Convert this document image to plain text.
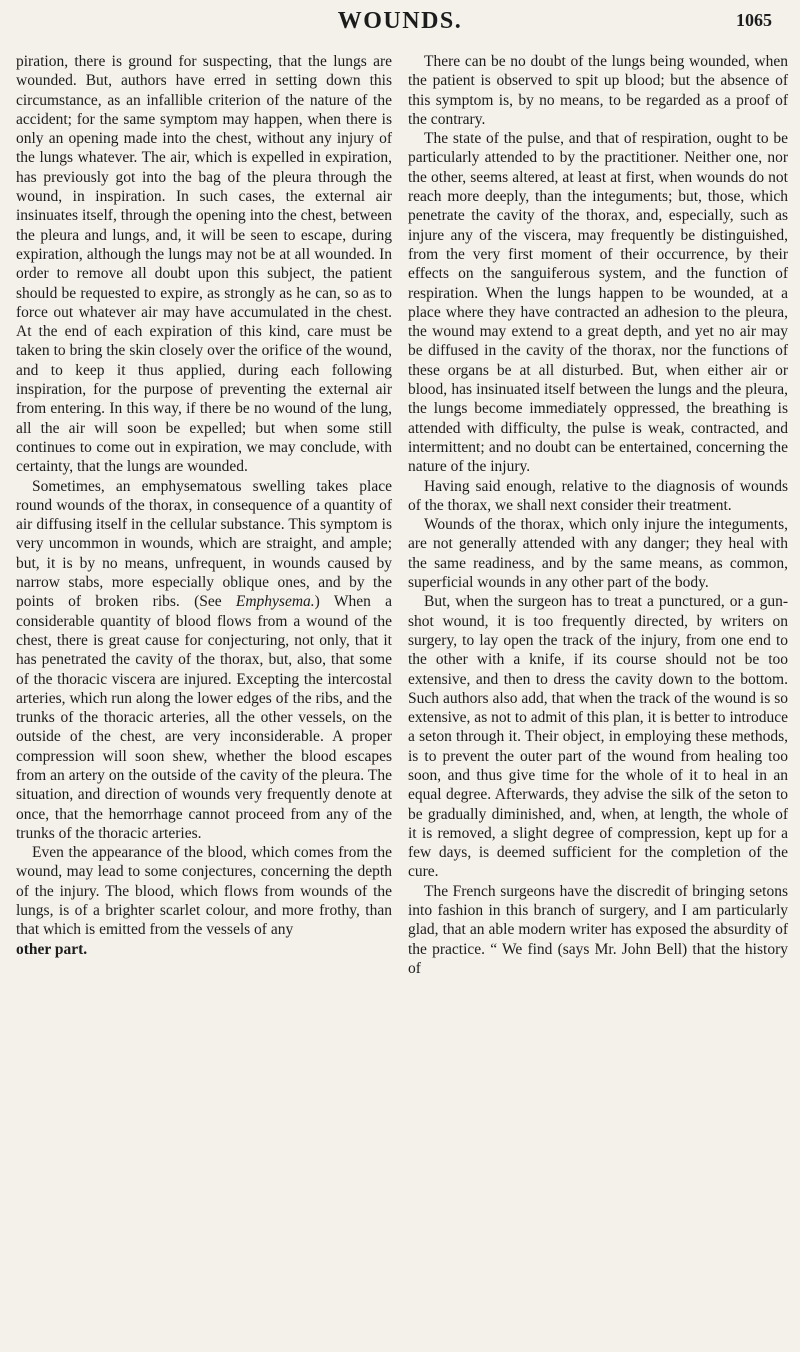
WOUNDS.	1065

piration, there is ground for suspecting, that the lungs are wounded. But, authors have erred in setting down this circumstance, as an infallible criterion of the nature of the accident; for the same symptom may happen, when there is only an opening made into the chest, without any injury of the lungs whatever. The air, which is expelled in expiration, has previously got into the bag of the pleura through the wound, in inspiration. In such cases, the external air insinuates itself, through the opening into the chest, between the pleura and lungs, and, it will be seen to escape, during expiration, although the lungs may not be at all wounded. In order to remove all doubt upon this subject, the patient should be requested to expire, as strongly as he can, so as to force out whatever air may have accumulated in the chest. At the end of each expiration of this kind, care must be taken to bring the skin closely over the orifice of the wound, and to keep it thus applied, during each following inspiration, for the purpose of preventing the external air from entering. In this way, if there be no wound of the lung, all the air will soon be expelled; but when some still continues to come out in expiration, we may conclude, with certainty, that the lungs are wounded.

Sometimes, an emphysematous swelling takes place round wounds of the thorax, in consequence of a quantity of air diffusing itself in the cellular substance. This symptom is very uncommon in wounds, which are straight, and ample; but, it is by no means, unfrequent, in wounds caused by narrow stabs, more especially oblique ones, and by the points of broken ribs. (See Emphysema.) When a considerable quantity of blood flows from a wound of the chest, there is great cause for conjecturing, not only, that it has penetrated the cavity of the thorax, but, also, that some of the thoracic viscera are injured. Excepting the intercostal arteries, which run along the lower edges of the ribs, and the trunks of the thoracic arteries, all the other vessels, on the outside of the chest, are very inconsiderable. A proper compression will soon shew, whether the blood escapes from an artery on the outside of the cavity of the pleura. The situation, and direction of wounds very frequently denote at once, that the hemorrhage cannot proceed from any of the trunks of the thoracic arteries.

Even the appearance of the blood, which comes from the wound, may lead to some conjectures, concerning the depth of the injury. The blood, which flows from wounds of the lungs, is of a brighter scarlet colour, and more frothy, than that which is emitted from the vessels of any

other part.

There can be no doubt of the lungs being wounded, when the patient is observed to spit up blood; but the absence of this symptom is, by no means, to be regarded as a proof of the contrary.

The state of the pulse, and that of respiration, ought to be particularly attended to by the practitioner. Neither one, nor the other, seems altered, at least at first, when wounds do not reach more deeply, than the integuments; but, those, which penetrate the cavity of the thorax, and, especially, such as injure any of the viscera, may frequently be distinguished, from the very first moment of their occurrence, by their effects on the sanguiferous system, and the function of respiration. When the lungs happen to be wounded, at a place where they have contracted an adhesion to the pleura, the wound may extend to a great depth, and yet no air may be diffused in the cavity of the thorax, nor the functions of these organs be at all disturbed. But, when either air or blood, has insinuated itself between the lungs and the pleura, the lungs become immediately oppressed, the breathing is attended with difficulty, the pulse is weak, contracted, and intermittent; and no doubt can be entertained, concerning the nature of the injury.

Having said enough, relative to the diagnosis of wounds of the thorax, we shall next consider their treatment.

Wounds of the thorax, which only injure the integuments, are not generally attended with any danger; they heal with the same readiness, and by the same means, as common, superficial wounds in any other part of the body.

But, when the surgeon has to treat a punctured, or a gun-shot wound, it is too frequently directed, by writers on surgery, to lay open the track of the injury, from one end to the other with a knife, if its course should not be too extensive, and then to dress the cavity down to the bottom. Such authors also add, that when the track of the wound is so extensive, as not to admit of this plan, it is better to introduce a seton through it. Their object, in employing these methods, is to prevent the outer part of the wound from healing too soon, and thus give time for the whole of it to heal in an equal degree. Afterwards, they advise the silk of the seton to be gradually diminished, and, when, at length, the whole of it is removed, a slight degree of compression, kept up for a few days, is deemed sufficient for the completion of the cure.

The French surgeons have the discredit of bringing setons into fashion in this branch of surgery, and I am particularly glad, that an able modern writer has exposed the absurdity of the practice. “ We find (says Mr. John Bell) that the history of
